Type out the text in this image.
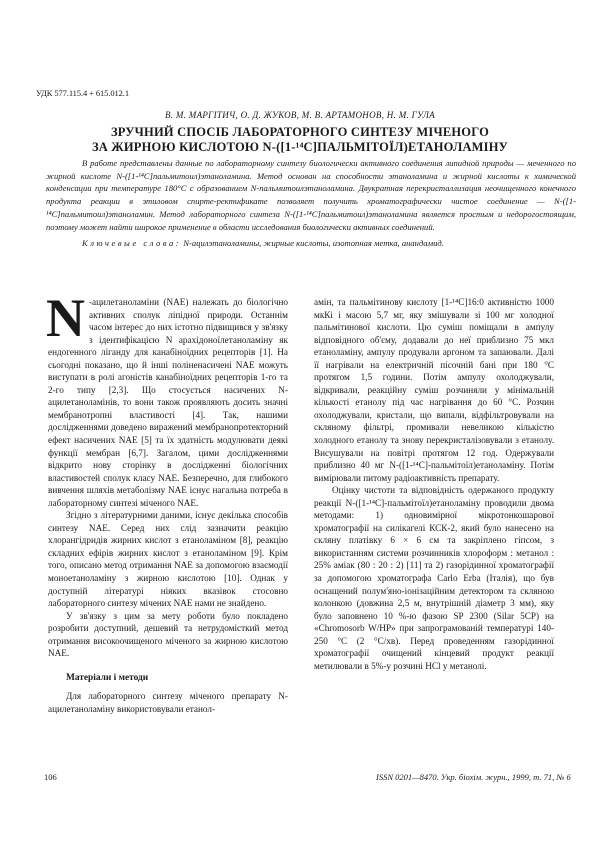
УДК 577.115.4 + 615.012.1
В. М. МАРГІТИЧ, О. Д. ЖУКОВ, М. В. АРТАМОНОВ, Н. М. ГУЛА
ЗРУЧНИЙ СПОСІБ ЛАБОРАТОРНОГО СИНТЕЗУ МІЧЕНОГО
ЗА ЖИРНОЮ КИСЛОТОЮ N-([1-¹⁴C]ПАЛЬМІТОЇЛ)ЕТАНОЛАМІНУ

В работе представлены данные по лабораторному синтезу биологически активного соединения липидной природы — меченного по жирной кислоте N-([1-¹⁴C]пальмитоил)этаноламина. Метод основан на способности этаноламина и жирной кислоты к химической конденсации при температуре 180°С с образованием N-пальмитоилэтаноламина. Двукратная перекристаллизация неочищенного конечного продукта реакции в этиловом спирте-ректификате позволяет получить хроматографически чистое соединение — N-([1-¹⁴C]пальмитоил)этаноламин. Метод лабораторного синтеза N-([1-¹⁴C]пальмитоил)этаноламина является простым и недорогостоящим, поэтому может найти широкое применение в области исследования биологически активных соединений.

Ключевые слова: N-ацилэтаноламины, жирные кислоты, изотопная метка, анандамид.

N -ацилетаноламіни (NAE) належать до біологічно активних сполук ліпідної природи. Останнім часом інтерес до них істотно підвищився у зв'язку з ідентифікацією N арахідоноїлетаноламіну як ендогенного ліганду для канабіноїдних рецепторів [1]. На сьогодні показано, що й інші поліненасичені NAE можуть виступати в ролі агоністів канабіноїдних рецепторів 1-го та 2-го типу [2,3]. Що стосується насичених N-ацилетаноламінів, то вони також проявляють досить значні мембранотропні властивості [4]. Так, нашими дослідженнями доведено виражений мембранопротекторний ефект насичених NAE [5] та їх здатність модулювати деякі функції мембран [6,7]. Загалом, цими дослідженнями відкрито нову сторінку в дослідженні біологічних властивостей сполук класу NAE. Безперечно, для глибокого вивчення шляхів метаболізму NAE існує нагальна потреба в лабораторному синтезі міченого NAE.

Згідно з літературними даними, існує декілька способів синтезу NAE. Серед них слід зазначити реакцію хлорангідридів жирних кислот з етаноламіном [8], реакцію складних ефірів жирних кислот з етаноламіном [9]. Крім того, описано метод отримання NAE за допомогою взаємодії моноетаноламіну з жирною кислотою [10]. Однак у доступній літературі ніяких вказівок стосовно лабораторного синтезу мічених NAE нами не знайдено.

У зв'язку з цим за мету роботи було покладено розробити доступний, дешевий та нетрудомісткий метод отримання високоочищеного міченого за жирною кислотою NAE.

Матеріали і методи

Для лабораторного синтезу міченого препарату N-ацилетаноламіну використовували етанол-

амін, та пальмітинову кислоту [1-¹⁴C]16:0 активністю 1000 мкКі і масою 5,7 мг, яку змішували зі 100 мг холодної пальмітинової кислоти. Цю суміш поміщали в ампулу відповідного об'єму, додавали до неї приблизно 75 мкл етаноламіну, ампулу продували аргоном та запаювали. Далі її нагрівали на електричній пісочній бані при 180 °С протягом 1,5 години. Потім ампулу охолоджували, відкривали, реакційну суміш розчиняли у мінімальній кількості етанолу під час нагрівання до 60 °С. Розчин охолоджували, кристали, що випали, відфільтровували на скляному фільтрі, промивали невеликою кількістю холодного етанолу та знову перекристалізовували з етанолу. Висушували на повітрі протягом 12 год. Одержували приблизно 40 мг N-([1-¹⁴C]-пальмітоїл)етаноламіну. Потім вимірювали питому радіоактивність препарату.

Оцінку чистоти та відповідність одержаного продукту реакції N-([1-¹⁴C]-пальмітоїл)етаноламіну проводили двома методами: 1) одновимірної мікротонкошарової хроматографії на силікагелі КСК-2, який було нанесено на скляну платівку 6 × 6 см та закріплено гіпсом, з використанням системи розчинників хлороформ : метанол : 25% аміак (80 : 20 : 2) [11] та 2) газорідинної хроматографії за допомогою хроматографа Carlo Erba (Італія), що був оснащений полум'яно-іонізаційним детектором та скляною колонкою (довжина 2,5 м, внутрішній діаметр 3 мм), яку було заповнено 10 %-ю фазою SP 2300 (Silar 5CP) на «Chromosorb W/HP» при запрограмованій температурі 140-250 °С (2 °С/хв). Перед проведенням газорідинної хроматографії очищений кінцевий продукт реакції метилювали в 5%-у розчині HCl у метанолі.

106	ISSN 0201—8470. Укр. біохім. журн., 1999, т. 71, № 6
